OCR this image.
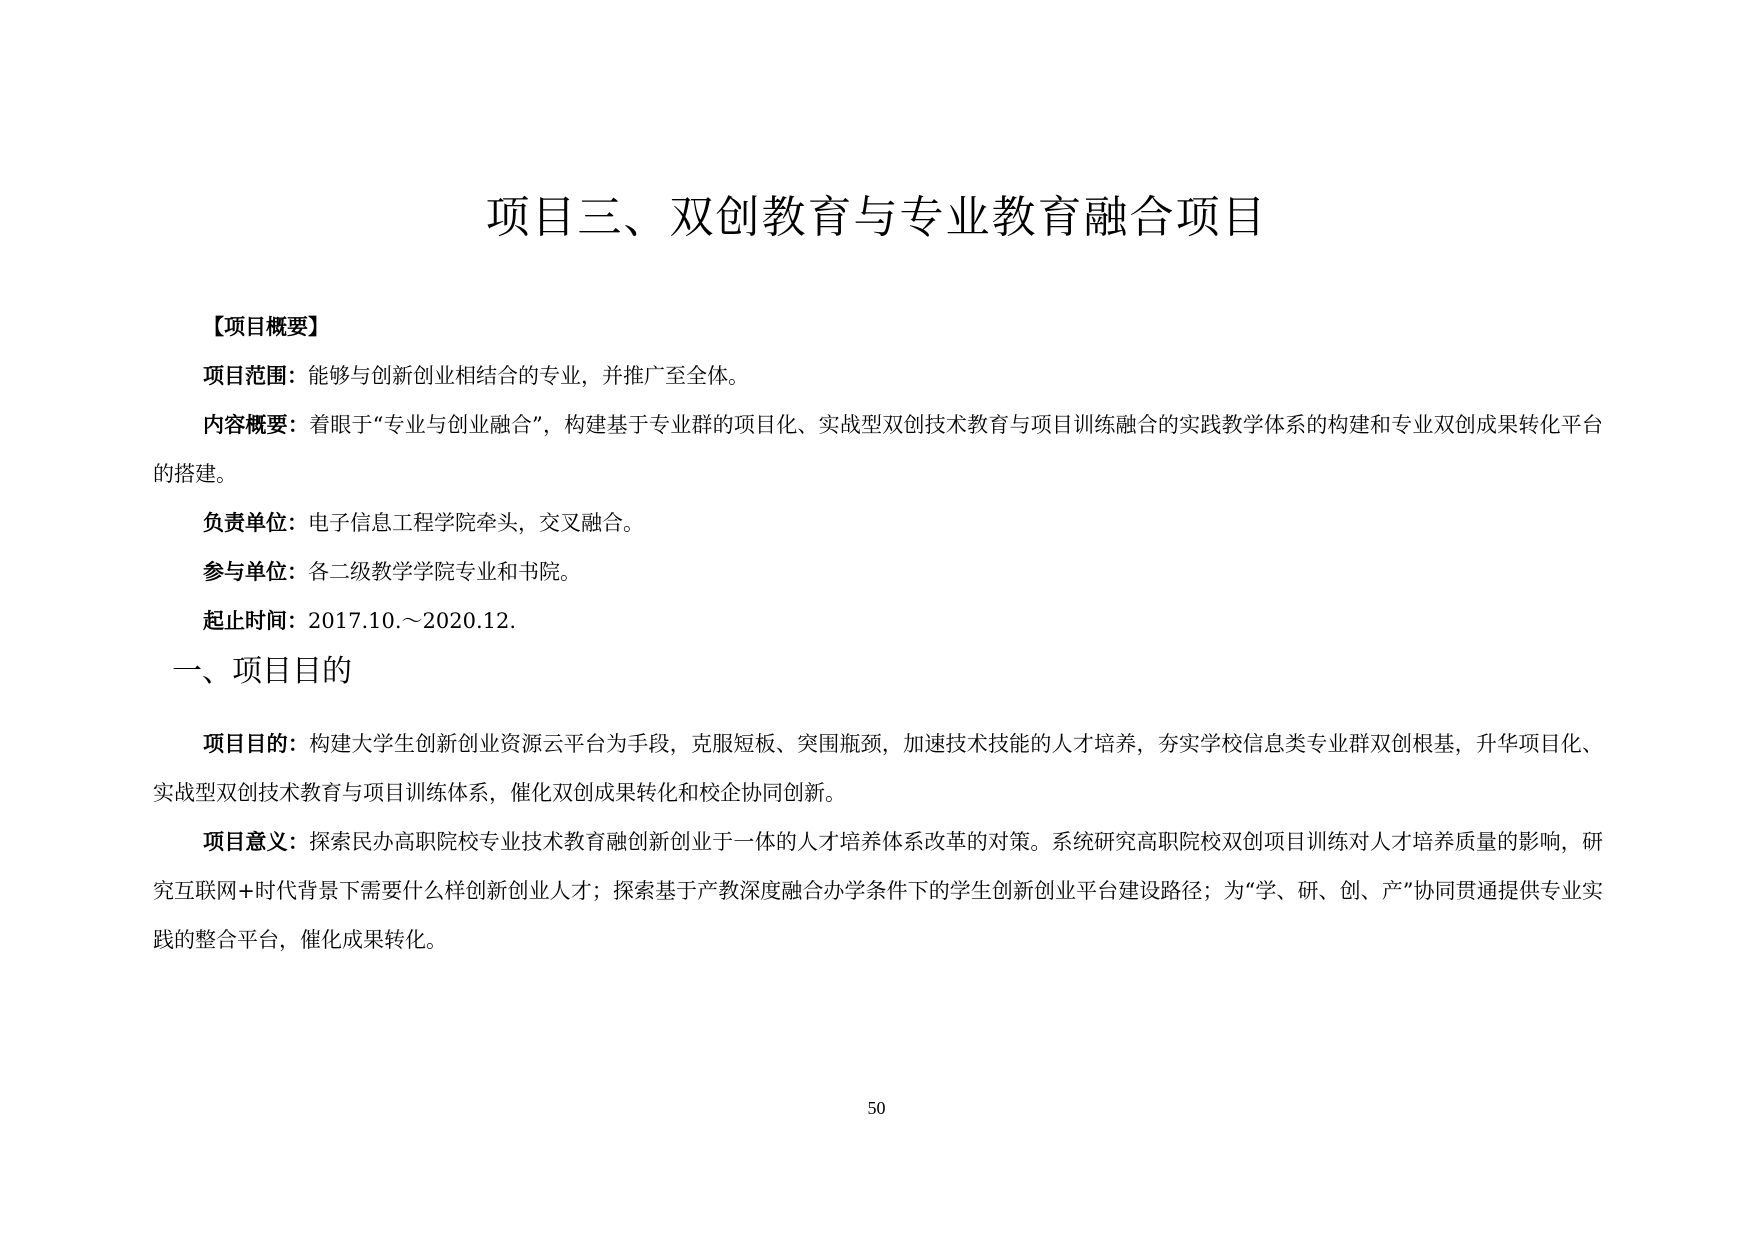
项目三、双创教育与专业教育融合项目

【项目概要】

项目范围：能够与创新创业相结合的专业，并推广至全体。

内容概要：着眼于“专业与创业融合”，构建基于专业群的项目化、实战型双创技术教育与项目训练融合的实践教学体系的构建和专业双创成果转化平台的搭建。

负责单位：电子信息工程学院牵头，交叉融合。

参与单位：各二级教学学院专业和书院。

起止时间：2017.10.～2020.12.

一、项目目的

项目目的：构建大学生创新创业资源云平台为手段，克服短板、突围瓶颈，加速技术技能的人才培养，夯实学校信息类专业群双创根基，升华项目化、实战型双创技术教育与项目训练体系，催化双创成果转化和校企协同创新。

项目意义：探索民办高职院校专业技术教育融创新创业于一体的人才培养体系改革的对策。系统研究高职院校双创项目训练对人才培养质量的影响，研究互联网+时代背景下需要什么样创新创业人才；探索基于产教深度融合办学条件下的学生创新创业平台建设路径；为“学、研、创、产”协同贯通提供专业实践的整合平台，催化成果转化。

50
